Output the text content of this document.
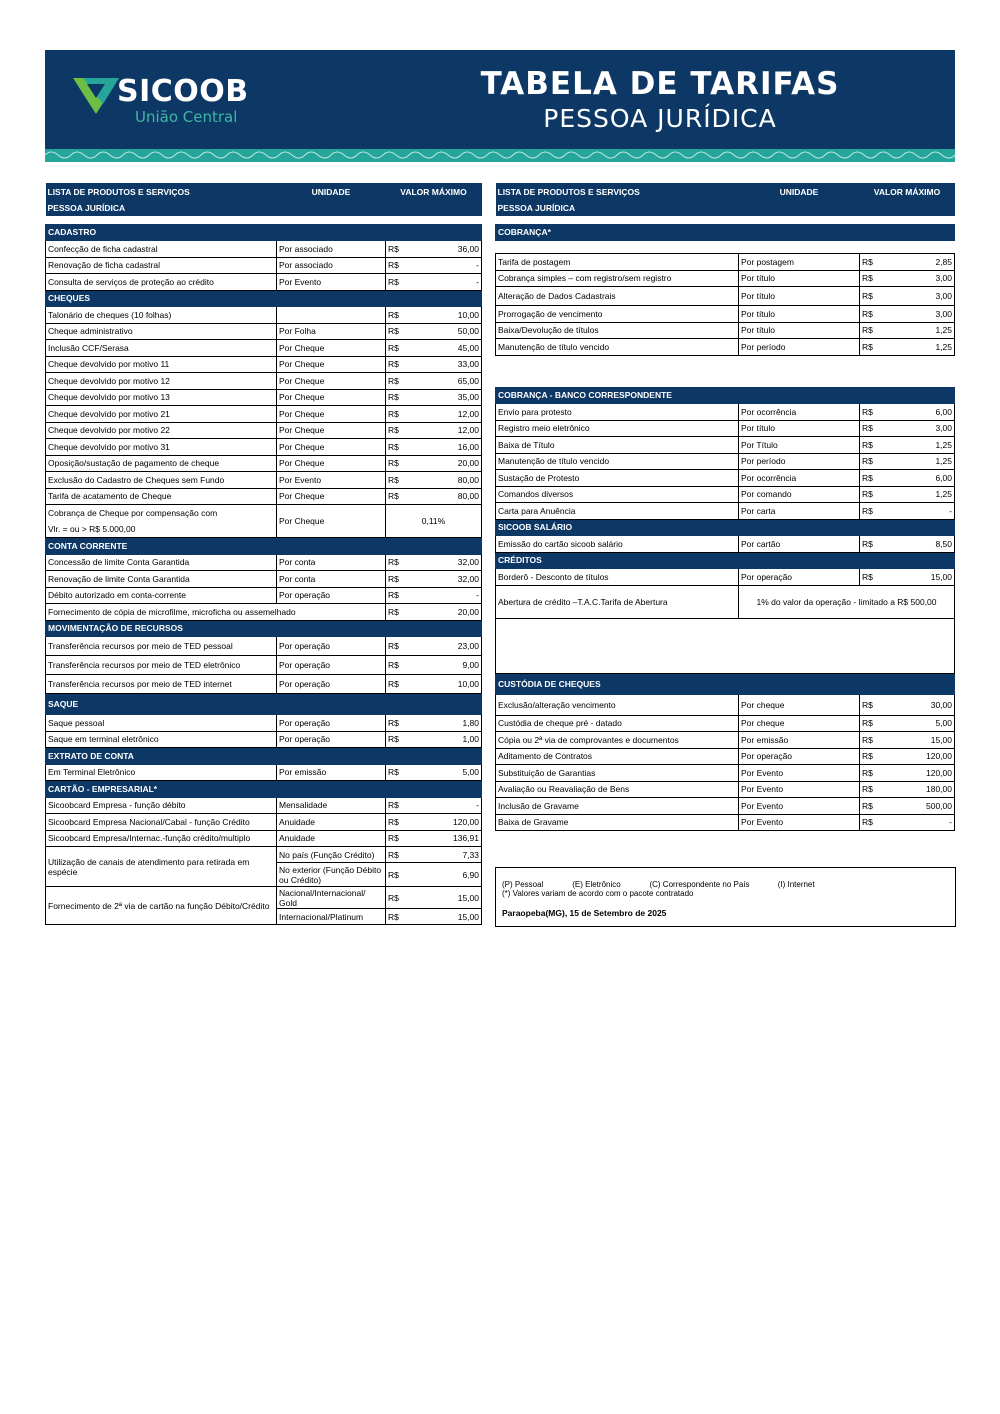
SICOOB
União Central
TABELA DE TARIFAS
PESSOA JURÍDICA
LISTA DE PRODUTOS E SERVIÇOS	UNIDADE	VALOR MÁXIMO	
PESSOA JURÍDICA			

CADASTRO			
Confecção de ficha cadastral	Por associado	R$	36,00
Renovação de ficha cadastral	Por associado	R$	-
Consulta de serviços de proteção ao crédito	Por Evento	R$	-
CHEQUES			
Talonário de cheques (10 folhas)		R$	10,00
Cheque administrativo	Por Folha	R$	50,00
Inclusão CCF/Serasa	Por Cheque	R$	45,00
Cheque devolvido por motivo 11	Por Cheque	R$	33,00
Cheque devolvido por motivo 12	Por Cheque	R$	65,00
Cheque devolvido por motivo 13	Por Cheque	R$	35,00
Cheque devolvido por motivo 21	Por Cheque	R$	12,00
Cheque devolvido por motivo 22	Por Cheque	R$	12,00
Cheque devolvido por motivo 31	Por Cheque	R$	16,00
Oposição/sustação de pagamento de cheque	Por Cheque	R$	20,00
Exclusão do Cadastro de Cheques sem Fundo	Por Evento	R$	80,00
Tarifa de acatamento de Cheque	Por Cheque	R$	80,00

Cobrança de Cheque por compensação com
Vlr. = ou > R$ 5.000,00	Por Cheque	0,11%	
CONTA CORRENTE			
Concessão de limite Conta Garantida	Por conta	R$	32,00
Renovação de limite Conta Garantida	Por conta	R$	32,00
Débito autorizado em conta-corrente	Por operação	R$	-
Fornecimento de cópia de microfilme, microficha ou assemelhado		R$	20,00
MOVIMENTAÇÃO DE RECURSOS			
Transferência recursos por meio de TED pessoal	Por operação	R$	23,00
Transferência recursos por meio de TED eletrônico	Por operação	R$	9,00
Transferência recursos por meio de TED internet	Por operação	R$	10,00
SAQUE			
Saque pessoal	Por operação	R$	1,80
Saque em terminal eletrônico	Por operação	R$	1,00
EXTRATO DE CONTA			
Em Terminal Eletrônico	Por emissão	R$	5,00
CARTÃO - EMPRESARIAL*			
Sicoobcard Empresa - função débito	Mensalidade	R$	-
Sicoobcard Empresa Nacional/Cabal - função Crédito	Anuidade	R$	120,00
Sicoobcard Empresa/Internac.-função crédito/multiplo	Anuidade	R$	136,91
Utilização de canais de atendimento para retirada em espécie	No país (Função Crédito)	R$	7,33
	No exterior (Função Débito ou Crédito)	R$	6,90
Fornecimento de 2ª via de cartão na função Débito/Crédito	Nacional/Internacional/ Gold	R$	15,00
	Internacional/Platinum	R$	15,00
LISTA DE PRODUTOS E SERVIÇOS	UNIDADE	VALOR MÁXIMO	
PESSOA JURÍDICA			

COBRANÇA*			

Tarifa de postagem	Por postagem	R$	2,85
Cobrança simples – com registro/sem registro	Por título	R$	3,00
Alteração de Dados Cadastrais	Por título	R$	3,00
Prorrogação de vencimento	Por título	R$	3,00
Baixa/Devolução de títulos	Por título	R$	1,25
Manutenção de título vencido	Por período	R$	1,25

COBRANÇA - BANCO CORRESPONDENTE			
Envio para protesto	Por ocorrência	R$	6,00
Registro meio eletrônico	Por título	R$	3,00
Baixa de Título	Por Título	R$	1,25
Manutenção de título vencido	Por período	R$	1,25
Sustação de Protesto	Por ocorrência	R$	6,00
Comandos diversos	Por comando	R$	1,25
Carta para Anuência	Por carta	R$	-
SICOOB SALÁRIO			
Emissão do cartão sicoob salário	Por cartão	R$	8,50
CRÉDITOS			
Borderô - Desconto de títulos	Por operação	R$	15,00
Abertura de crédito –T.A.C.Tarifa de Abertura	1% do valor da operação - limitado a R$ 500,00		

CUSTÓDIA DE CHEQUES			
Exclusão/alteração vencimento	Por cheque	R$	30,00
Custódia de cheque pré - datado	Por cheque	R$	5,00
Cópia ou 2ª via de comprovantes e documentos	Por emissão	R$	15,00
Aditamento de Contratos	Por operação	R$	120,00
Substituição de Garantias	Por Evento	R$	120,00
Avaliação ou Reavaliação de Bens	Por Evento	R$	180,00
Inclusão de Gravame	Por Evento	R$	500,00
Baixa de Gravame	Por Evento	R$	-
(P) Pessoal	(E) Eletrônico	(C) Correspondente no País	(I) Internet
(*) Valores variam de acordo com o pacote contratado
Paraopeba(MG), 15 de Setembro de 2025
